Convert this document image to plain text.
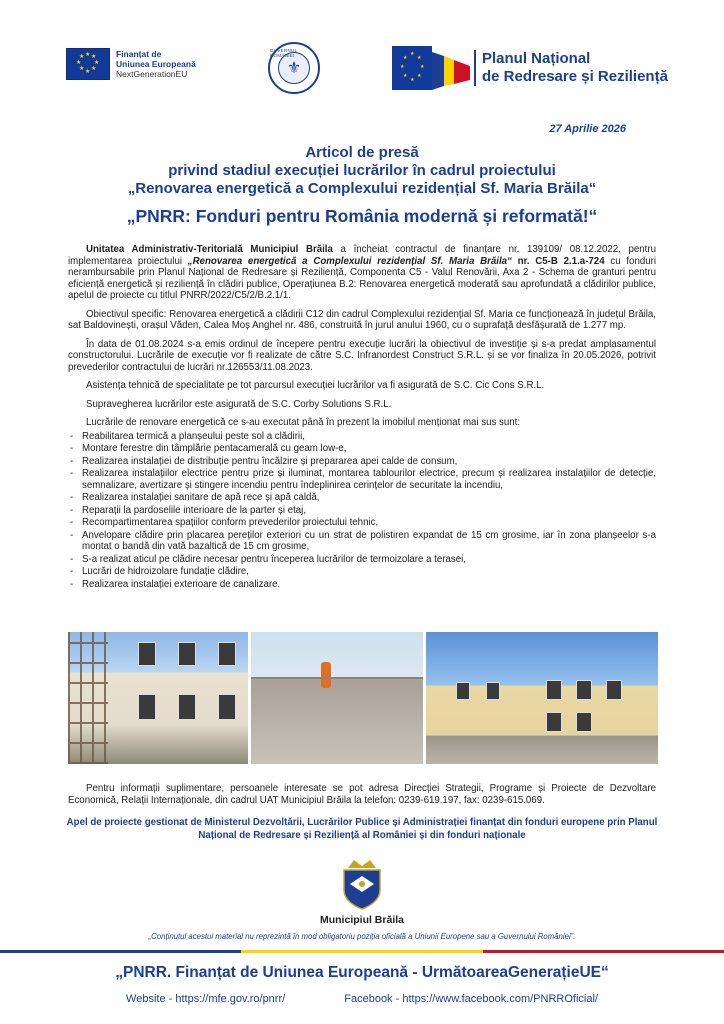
★ ★
★
★
★
★
★
★	Finanțat de
Uniunea Europeană
NextGenerationEU
GUVERNUL ROMÂNIEI
⚜
★
★
★
★
★
★
★
★	Planul Național
de Redresare și Reziliență
27 Aprilie 2026
Articol de presă
privind stadiul execuției lucrărilor în cadrul proiectului
„Renovarea energetică a Complexului rezidențial Sf. Maria Brăila“
„PNRR: Fonduri pentru România modernă și reformată!“

Unitatea Administrativ-Teritorială Municipiul Brăila a încheiat contractul de finanțare nr. 139109/ 08.12.2022, pentru implementarea proiectului „Renovarea energetică a Complexului rezidențial Sf. Maria Brăila“ nr. C5-B 2.1.a-724 cu fonduri nerambursabile prin Planul Național de Redresare și Reziliență, Componenta C5 - Valul Renovării, Axa 2 - Schema de granturi pentru eficiență energetică și reziliență în clădiri publice, Operațiunea B.2: Renovarea energetică moderată sau aprofundată a clădirilor publice, apelul de proiecte cu titlul PNRR/2022/C5/2/B.2.1/1.

Obiectivul specific: Renovarea energetică a clădirii C12 din cadrul Complexului rezidențial Sf. Maria ce funcționează în județul Brăila, sat Baldovinești, orașul Văden, Calea Moș Anghel nr. 486, construită în jurul anului 1960, cu o suprafață desfășurată de 1.277 mp.

În data de 01.08.2024 s-a emis ordinul de începere pentru execuție lucrări la obiectivul de investiție și s-a predat amplasamentul constructorului. Lucrările de execuție vor fi realizate de către S.C. Infranordest Construct S.R.L. și se vor finaliza în 20.05.2026, potrivit prevederilor contractului de lucrări nr.126553/11.08.2023.

Asistența tehnică de specialitate pe tot parcursul execuției lucrărilor va fi asigurată de S.C. Cic Cons S.R.L.

Supravegherea lucrărilor este asigurată de S.C. Corby Solutions S.R.L.

Lucrările de renovare energetică ce s-au executat până în prezent la imobilul menționat mai sus sunt:

- Reabilitarea termică a planșeului peste sol a clădirii,
- Montare ferestre din tâmplărie pentacamerală cu geam low-e,
- Realizarea instalației de distribuție pentru încălzire și prepararea apei calde de consum,
- Realizarea instalațiilor electrice pentru prize și iluminat, montarea tablourilor electrice, precum și realizarea instalațiilor de detecție, semnalizare, avertizare și stingere incendiu pentru îndeplinirea cerințelor de securitate la incendiu,
- Realizarea instalației sanitare de apă rece și apă caldă,
- Reparații la pardoselile interioare de la parter și etaj,
- Recompartimentarea spațiilor conform prevederilor proiectului tehnic,
- Anvelopare clădire prin placarea pereților exteriori cu un strat de polistiren expandat de 15 cm grosime, iar în zona planșeelor s-a montat o bandă din vată bazaltică de 15 cm grosime,
- S-a realizat aticul pe clădire necesar pentru începerea lucrărilor de termoizolare a terasei,
- Lucrări de hidroizolare fundație clădire,
- Realizarea instalației exterioare de canalizare.
Pentru informații suplimentare, persoanele interesate se pot adresa Direcției Strategii, Programe și Proiecte de Dezvoltare Economică, Relații Internaționale, din cadrul UAT Municipiul Brăila la telefon: 0239-619.197, fax: 0239-615.069.
Apel de proiecte gestionat de Ministerul Dezvoltării, Lucrărilor Publice și Administrației finanțat din fonduri europene prin Planul Național de Redresare și Reziliență al României și din fonduri naționale
Municipiul Brăila
„Conținutul acestui material nu reprezintă în mod obligatoriu poziția oficială a Uniunii Europene sau a Guvernului României”.
„PNRR. Finanțat de Uniunea Europeană - UrmătoareaGenerațieUE“
Website - https://mfe.gov.ro/pnrr/	Facebook - https://www.facebook.com/PNRROficial/
